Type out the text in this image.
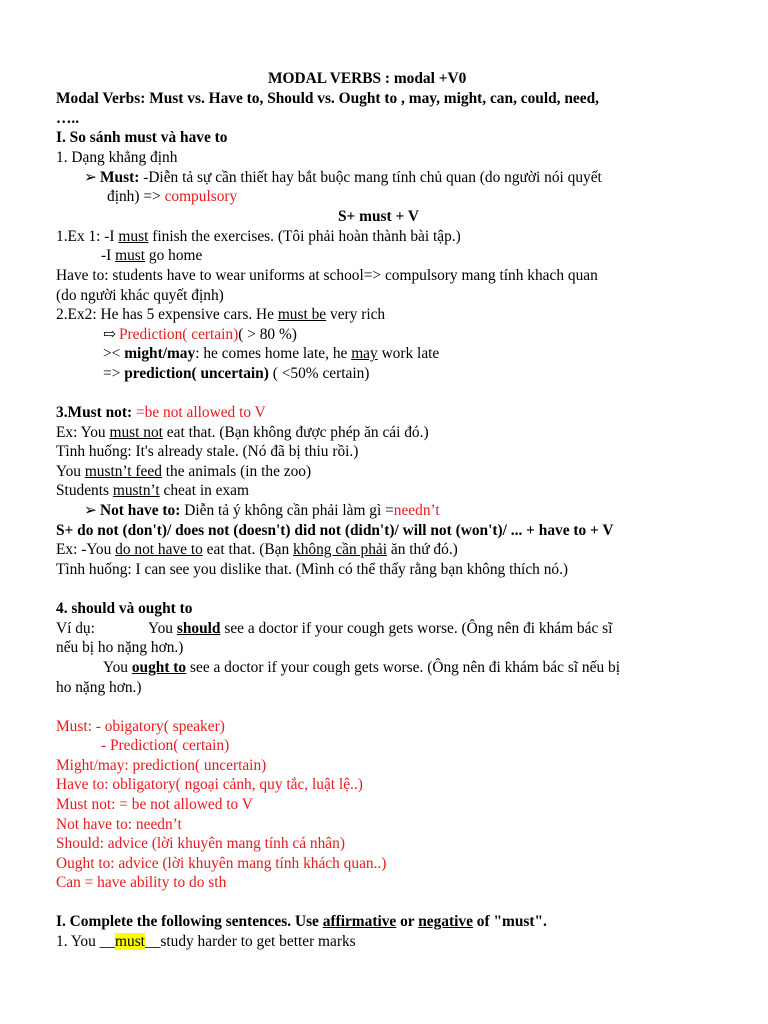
MODAL VERBS : modal +V0
Modal Verbs: Must vs. Have to, Should vs. Ought to , may, might, can, could, need,
…..
I. So sánh must và have to
1. Dạng khẳng định
➢ Must: -Diễn tả sự cần thiết hay bắt buộc mang tính chủ quan (do người nói quyết
định) => compulsory
S+ must + V
1.Ex 1: -I must finish the exercises. (Tôi phải hoàn thành bài tập.)
-I must go home
Have to: students have to wear uniforms at school=> compulsory mang tính khach quan
(do người khác quyết định)
2.Ex2: He has 5 expensive cars. He must be very rich
⇨ Prediction( certain)( > 80 %)
>< might/may: he comes home late, he may work late
=> prediction( uncertain) ( <50% certain)
3.Must not: =be not allowed to V
Ex: You must not eat that. (Bạn không được phép ăn cái đó.)
Tình huống: It's already stale. (Nó đã bị thiu rồi.)
You mustn’t feed the animals (in the zoo)
Students mustn’t cheat in exam
➢ Not have to: Diễn tả ý không cần phải làm gì =needn’t
S+ do not (don't)/ does not (doesn't) did not (didn't)/ will not (won't)/ ... + have to + V
Ex: -You do not have to eat that. (Bạn không cần phải ăn thứ đó.)
Tình huống: I can see you dislike that. (Mình có thể thấy rằng bạn không thích nó.)
4. should và ought to
Ví dụ:	You should see a doctor if your cough gets worse. (Ông nên đi khám bác sĩ
nếu bị ho nặng hơn.)
You ought to see a doctor if your cough gets worse. (Ông nên đi khám bác sĩ nếu bị
ho nặng hơn.)
Must: - obigatory( speaker)
- Prediction( certain)
Might/may: prediction( uncertain)
Have to: obligatory( ngoại cảnh, quy tắc, luật lệ..)
Must not: = be not allowed to V
Not have to: needn’t
Should: advice (lời khuyên mang tính cá nhân)
Ought to: advice (lời khuyên mang tính khách quan..)
Can = have ability to do sth
I. Complete the following sentences. Use affirmative or negative of "must".
1. You __must__study harder to get better marks
